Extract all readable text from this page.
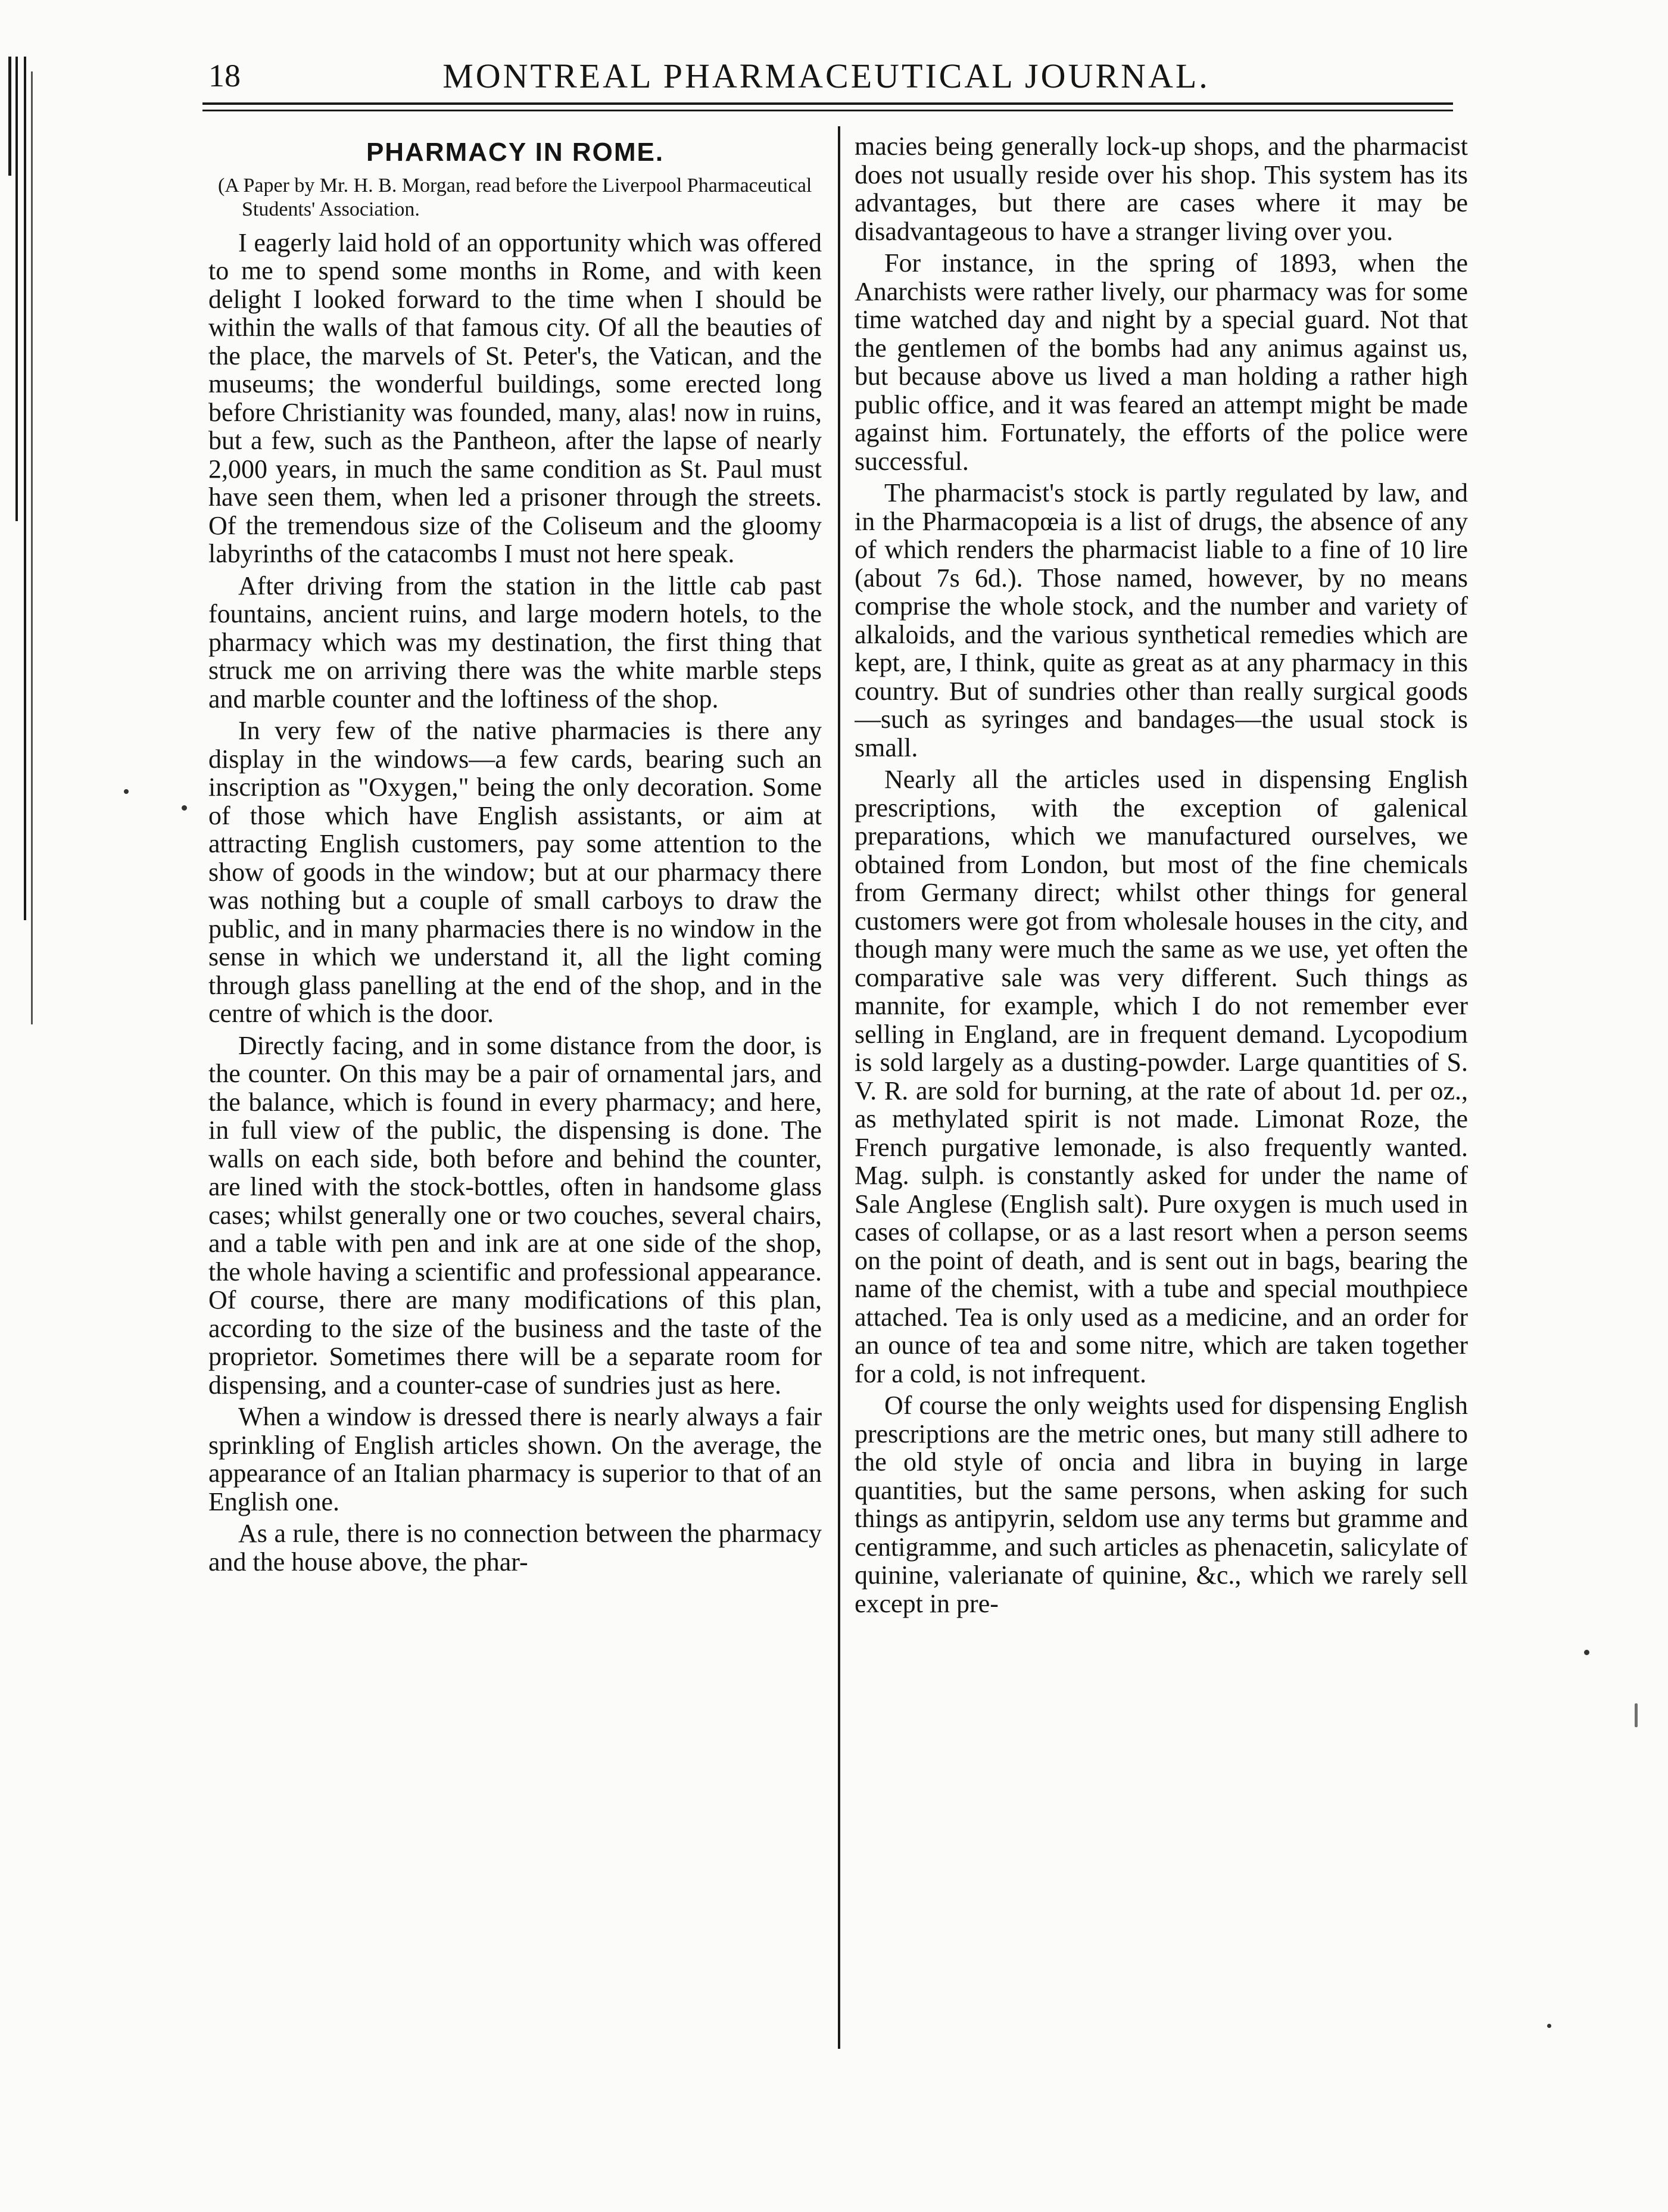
18	MONTREAL PHARMACEUTICAL JOURNAL.
PHARMACY IN ROME.
(A Paper by Mr. H. B. Morgan, read before the Liverpool Pharmaceutical Students' Association.

I eagerly laid hold of an opportunity which was offered to me to spend some months in Rome, and with keen delight I looked forward to the time when I should be within the walls of that famous city. Of all the beauties of the place, the marvels of St. Peter's, the Vatican, and the museums; the wonderful buildings, some erected long before Christianity was founded, many, alas! now in ruins, but a few, such as the Pantheon, after the lapse of nearly 2,000 years, in much the same condition as St. Paul must have seen them, when led a prisoner through the streets. Of the tremendous size of the Coliseum and the gloomy labyrinths of the catacombs I must not here speak.

After driving from the station in the little cab past fountains, ancient ruins, and large modern hotels, to the pharmacy which was my destination, the first thing that struck me on arriving there was the white marble steps and marble counter and the loftiness of the shop.

In very few of the native pharmacies is there any display in the windows—a few cards, bearing such an inscription as "Oxygen," being the only decoration. Some of those which have English assistants, or aim at attracting English customers, pay some attention to the show of goods in the window; but at our pharmacy there was nothing but a couple of small carboys to draw the public, and in many pharmacies there is no window in the sense in which we understand it, all the light coming through glass panelling at the end of the shop, and in the centre of which is the door.

Directly facing, and in some distance from the door, is the counter. On this may be a pair of ornamental jars, and the balance, which is found in every pharmacy; and here, in full view of the public, the dispensing is done. The walls on each side, both before and behind the counter, are lined with the stock-bottles, often in handsome glass cases; whilst generally one or two couches, several chairs, and a table with pen and ink are at one side of the shop, the whole having a scientific and professional appearance. Of course, there are many modifications of this plan, according to the size of the business and the taste of the proprietor. Sometimes there will be a separate room for dispensing, and a counter-case of sundries just as here.

When a window is dressed there is nearly always a fair sprinkling of English articles shown. On the average, the appearance of an Italian pharmacy is superior to that of an English one.

As a rule, there is no connection between the pharmacy and the house above, the phar-

macies being generally lock-up shops, and the pharmacist does not usually reside over his shop. This system has its advantages, but there are cases where it may be disadvantageous to have a stranger living over you.

For instance, in the spring of 1893, when the Anarchists were rather lively, our pharmacy was for some time watched day and night by a special guard. Not that the gentlemen of the bombs had any animus against us, but because above us lived a man holding a rather high public office, and it was feared an attempt might be made against him. Fortunately, the efforts of the police were successful.

The pharmacist's stock is partly regulated by law, and in the Pharmacopœia is a list of drugs, the absence of any of which renders the pharmacist liable to a fine of 10 lire (about 7s 6d.). Those named, however, by no means comprise the whole stock, and the number and variety of alkaloids, and the various synthetical remedies which are kept, are, I think, quite as great as at any pharmacy in this country. But of sundries other than really surgical goods—such as syringes and bandages—the usual stock is small.

Nearly all the articles used in dispensing English prescriptions, with the exception of galenical preparations, which we manufactured ourselves, we obtained from London, but most of the fine chemicals from Germany direct; whilst other things for general customers were got from wholesale houses in the city, and though many were much the same as we use, yet often the comparative sale was very different. Such things as mannite, for example, which I do not remember ever selling in England, are in frequent demand. Lycopodium is sold largely as a dusting-powder. Large quantities of S. V. R. are sold for burning, at the rate of about 1d. per oz., as methylated spirit is not made. Limonat Roze, the French purgative lemonade, is also frequently wanted. Mag. sulph. is constantly asked for under the name of Sale Anglese (English salt). Pure oxygen is much used in cases of collapse, or as a last resort when a person seems on the point of death, and is sent out in bags, bearing the name of the chemist, with a tube and special mouthpiece attached. Tea is only used as a medicine, and an order for an ounce of tea and some nitre, which are taken together for a cold, is not infrequent.

Of course the only weights used for dispensing English prescriptions are the metric ones, but many still adhere to the old style of oncia and libra in buying in large quantities, but the same persons, when asking for such things as antipyrin, seldom use any terms but gramme and centigramme, and such articles as phenacetin, salicylate of quinine, valerianate of quinine, &c., which we rarely sell except in pre-
